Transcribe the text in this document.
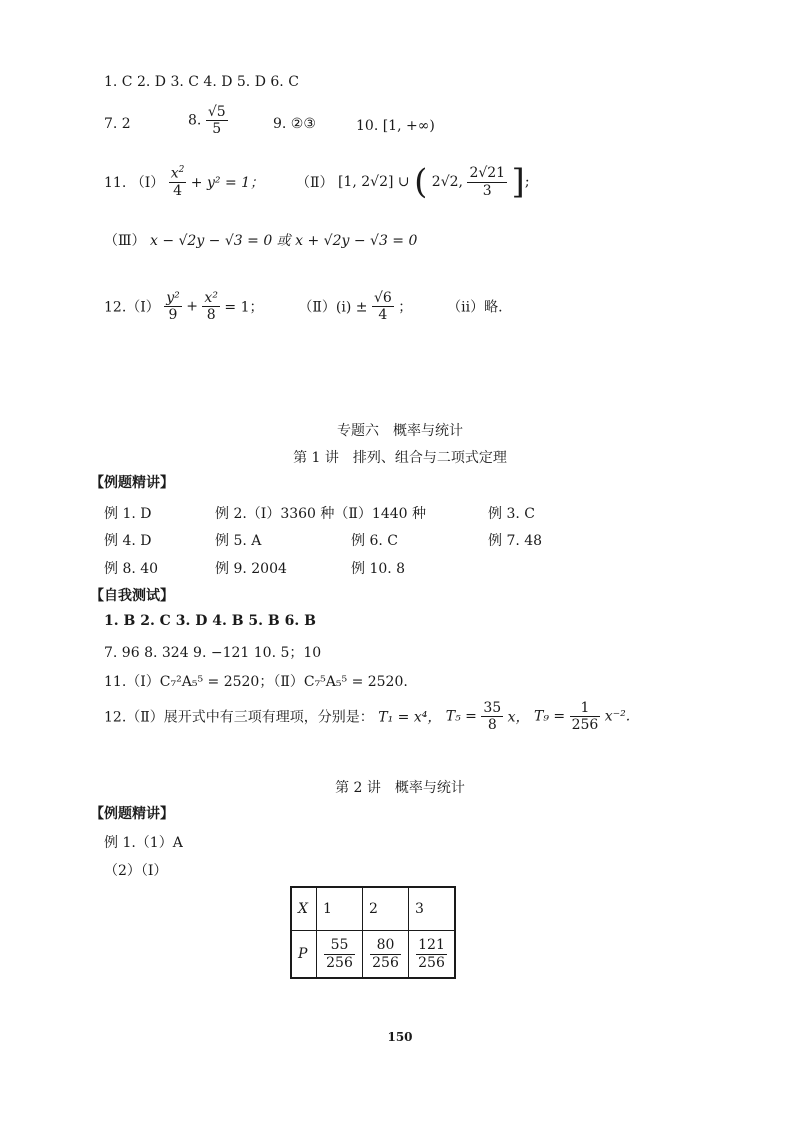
1. C 2. D 3. C 4. D 5. D 6. C
7. 2	8. $\frac{√5}{5}$	9. ②③	10. [1, +∞)
11. （Ⅰ） $\frac{x^2}{4} + y^2 = 1$； （Ⅱ） [1, 2√2] ∪ ( 2√2, $\frac{2√21}{3}$ ];
（Ⅲ） x − √2y − √3 = 0 或 x + √2y − √3 = 0
12.（Ⅰ） $\frac{\text{y²}}{9} + \frac{\text{x²}}{8} = 1$； （Ⅱ）(i) ± $\frac{√6}{4}$ ； （ii）略.
专题六　概率与统计
第 1 讲　排列、组合与二项式定理
【例题精讲】
例 1. D	例 2.（Ⅰ）3360 种（Ⅱ）1440 种	例 3. C
例 4. D	例 5. A	例 6. C	例 7. 48
例 8. 40	例 9. 2004	例 10. 8
【自我测试】
1. B 2. C 3. D 4. B 5. B 6. B
7. 96 8. 324 9. −121 10. 5；10
11.（Ⅰ）C₇²A₅⁵ = 2520；（Ⅱ）C₇⁵A₅⁵ = 2520.
12.（Ⅱ）展开式中有三项有理项，分别是： T₁ = x⁴， $T_5 = \frac{35}{8}$ x， $T_9 = \frac{1}{256} x^{-2}$.
第 2 讲　概率与统计
【例题精讲】
例 1.（1）A
（2）（Ⅰ）
X	1	2	3
P	$\frac{55}{256}$	$\frac{80}{256}$	$\frac{121}{256}$
150
